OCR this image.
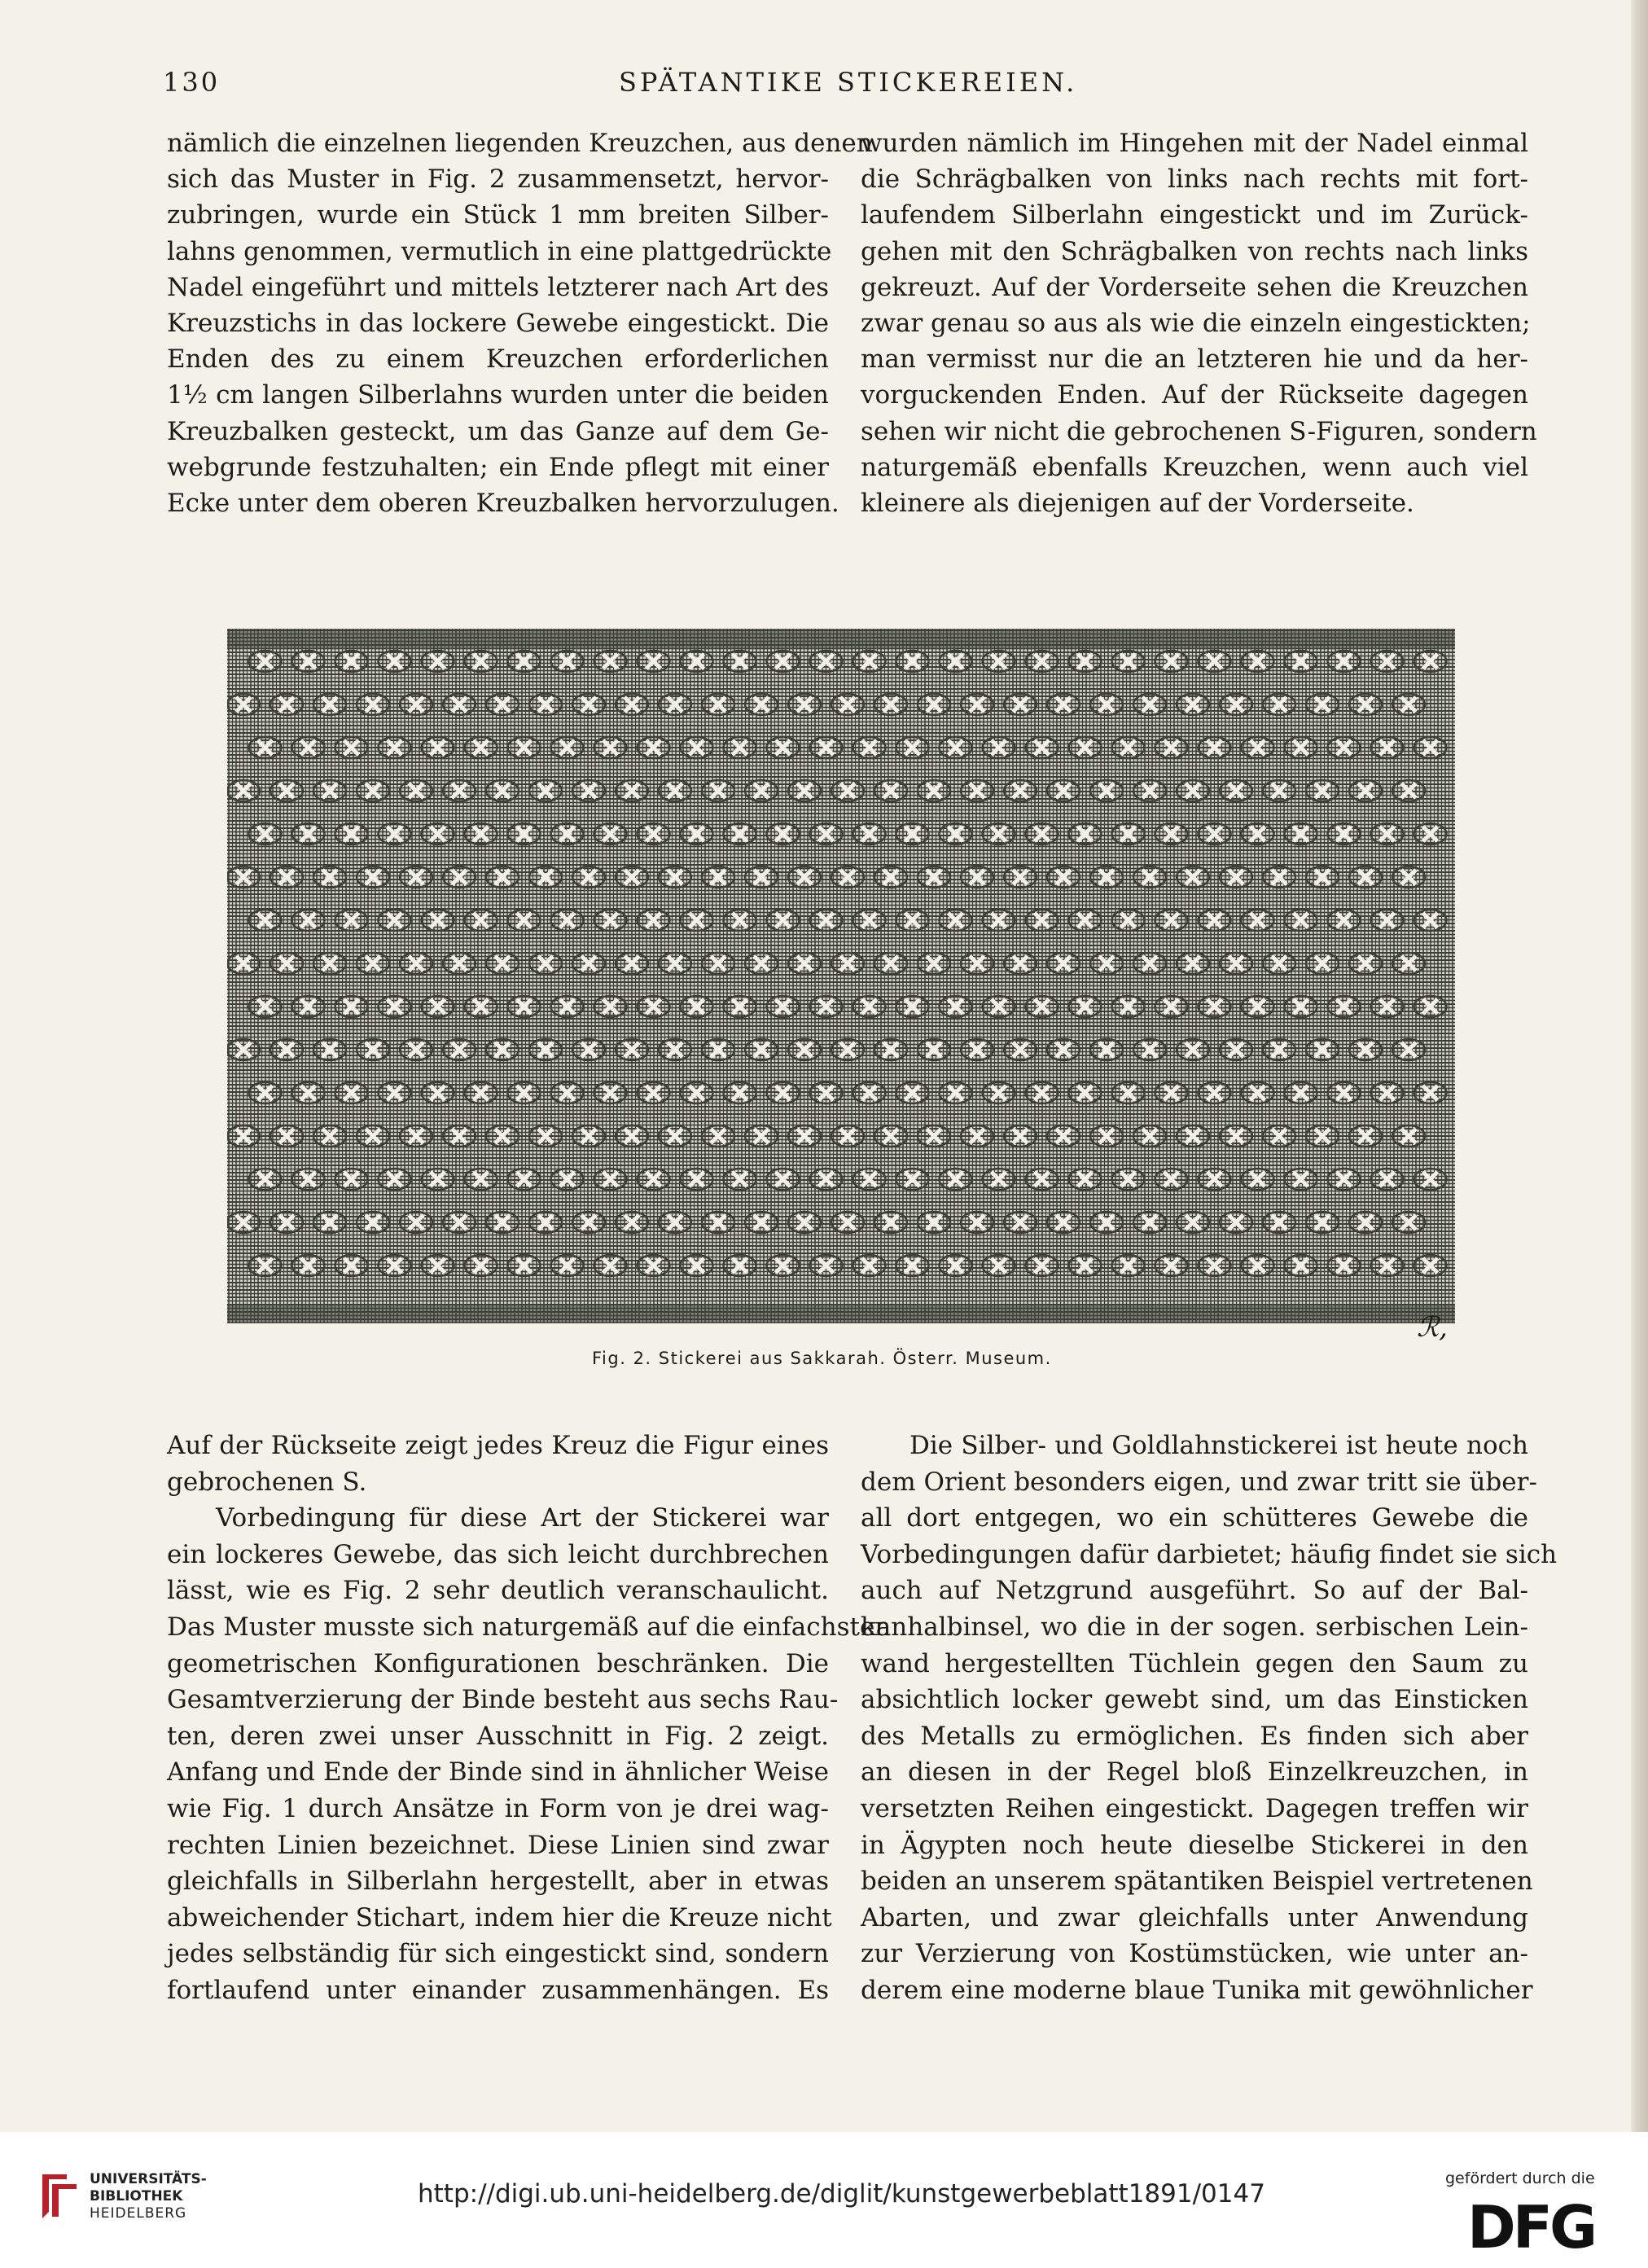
130	SPÄTANTIKE STICKEREIEN.
nämlich die einzelnen liegenden Kreuzchen, aus denen
sich das Muster in Fig. 2 zusammensetzt, hervor-
zubringen, wurde ein Stück 1 mm breiten Silber-
lahns genommen, vermutlich in eine plattgedrückte
Nadel eingeführt und mittels letzterer nach Art des
Kreuzstichs in das lockere Gewebe eingestickt. Die
Enden des zu einem Kreuzchen erforderlichen
1½ cm langen Silberlahns wurden unter die beiden
Kreuzbalken gesteckt, um das Ganze auf dem Ge-
webgrunde festzuhalten; ein Ende pflegt mit einer
Ecke unter dem oberen Kreuzbalken hervorzulugen.
wurden nämlich im Hingehen mit der Nadel einmal
die Schrägbalken von links nach rechts mit fort-
laufendem Silberlahn eingestickt und im Zurück-
gehen mit den Schrägbalken von rechts nach links
gekreuzt. Auf der Vorderseite sehen die Kreuzchen
zwar genau so aus als wie die einzeln eingestickten;
man vermisst nur die an letzteren hie und da her-
vorguckenden Enden. Auf der Rückseite dagegen
sehen wir nicht die gebrochenen S-Figuren, sondern
naturgemäß ebenfalls Kreuzchen, wenn auch viel
kleinere als diejenigen auf der Vorderseite.
ℛ,
Fig. 2. Stickerei aus Sakkarah. Österr. Museum.
Auf der Rückseite zeigt jedes Kreuz die Figur eines
gebrochenen S.
Vorbedingung für diese Art der Stickerei war
ein lockeres Gewebe, das sich leicht durchbrechen
lässt, wie es Fig. 2 sehr deutlich veranschaulicht.
Das Muster musste sich naturgemäß auf die einfachsten
geometrischen Konfigurationen beschränken. Die
Gesamtverzierung der Binde besteht aus sechs Rau-
ten, deren zwei unser Ausschnitt in Fig. 2 zeigt.
Anfang und Ende der Binde sind in ähnlicher Weise
wie Fig. 1 durch Ansätze in Form von je drei wag-
rechten Linien bezeichnet. Diese Linien sind zwar
gleichfalls in Silberlahn hergestellt, aber in etwas
abweichender Stichart, indem hier die Kreuze nicht
jedes selbständig für sich eingestickt sind, sondern
fortlaufend unter einander zusammenhängen. Es
Die Silber- und Goldlahnstickerei ist heute noch
dem Orient besonders eigen, und zwar tritt sie über-
all dort entgegen, wo ein schütteres Gewebe die
Vorbedingungen dafür darbietet; häufig findet sie sich
auch auf Netzgrund ausgeführt. So auf der Bal-
kanhalbinsel, wo die in der sogen. serbischen Lein-
wand hergestellten Tüchlein gegen den Saum zu
absichtlich locker gewebt sind, um das Einsticken
des Metalls zu ermöglichen. Es finden sich aber
an diesen in der Regel bloß Einzelkreuzchen, in
versetzten Reihen eingestickt. Dagegen treffen wir
in Ägypten noch heute dieselbe Stickerei in den
beiden an unserem spätantiken Beispiel vertretenen
Abarten, und zwar gleichfalls unter Anwendung
zur Verzierung von Kostümstücken, wie unter an-
derem eine moderne blaue Tunika mit gewöhnlicher
UNIVERSITÄTS-
BIBLIOTHEK
HEIDELBERG
http://digi.ub.uni-heidelberg.de/diglit/kunstgewerbeblatt1891/0147
gefördert durch die
DFG
